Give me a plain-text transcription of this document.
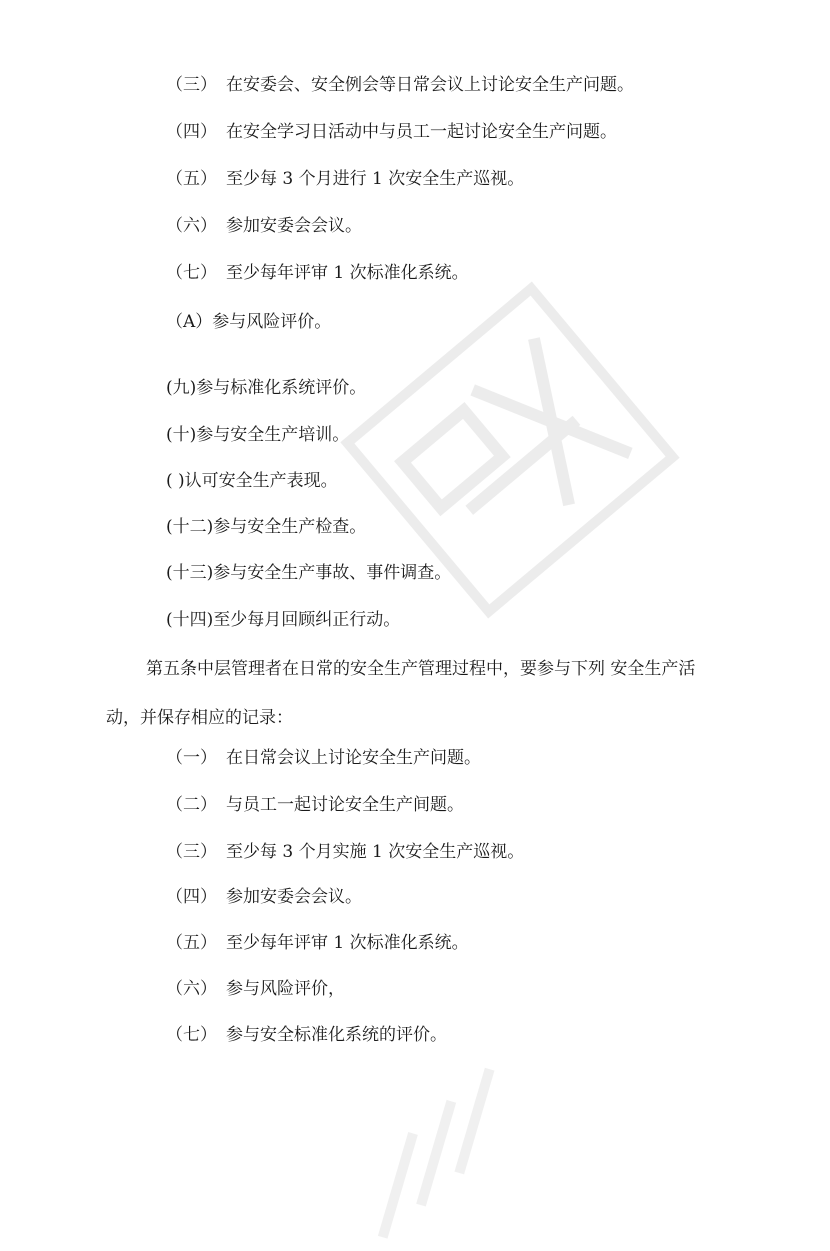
（三） 在安委会、安全例会等日常会议上讨论安全生产问题。
（四） 在安全学习日活动中与员工一起讨论安全生产问题。
（五） 至少每 3 个月进行 1 次安全生产巡视。
（六） 参加安委会会议。
（七） 至少每年评审 1 次标准化系统。
（A）参与风险评价。
(九)参与标准化系统评价。
(十)参与安全生产培训。
( )认可安全生产表现。
(十二)参与安全生产检查。
(十三)参与安全生产事故、事件调查。
(十四)至少每月回顾纠正行动。
第五条中层管理者在日常的安全生产管理过程中，要参与下列 安全生产活
动，并保存相应的记录：
（一） 在日常会议上讨论安全生产问题。
（二） 与员工一起讨论安全生产间题。
（三） 至少每 3 个月实施 1 次安全生产巡视。
（四） 参加安委会会议。
（五） 至少每年评审 1 次标准化系统。
（六） 参与风险评价，
（七） 参与安全标准化系统的评价。
